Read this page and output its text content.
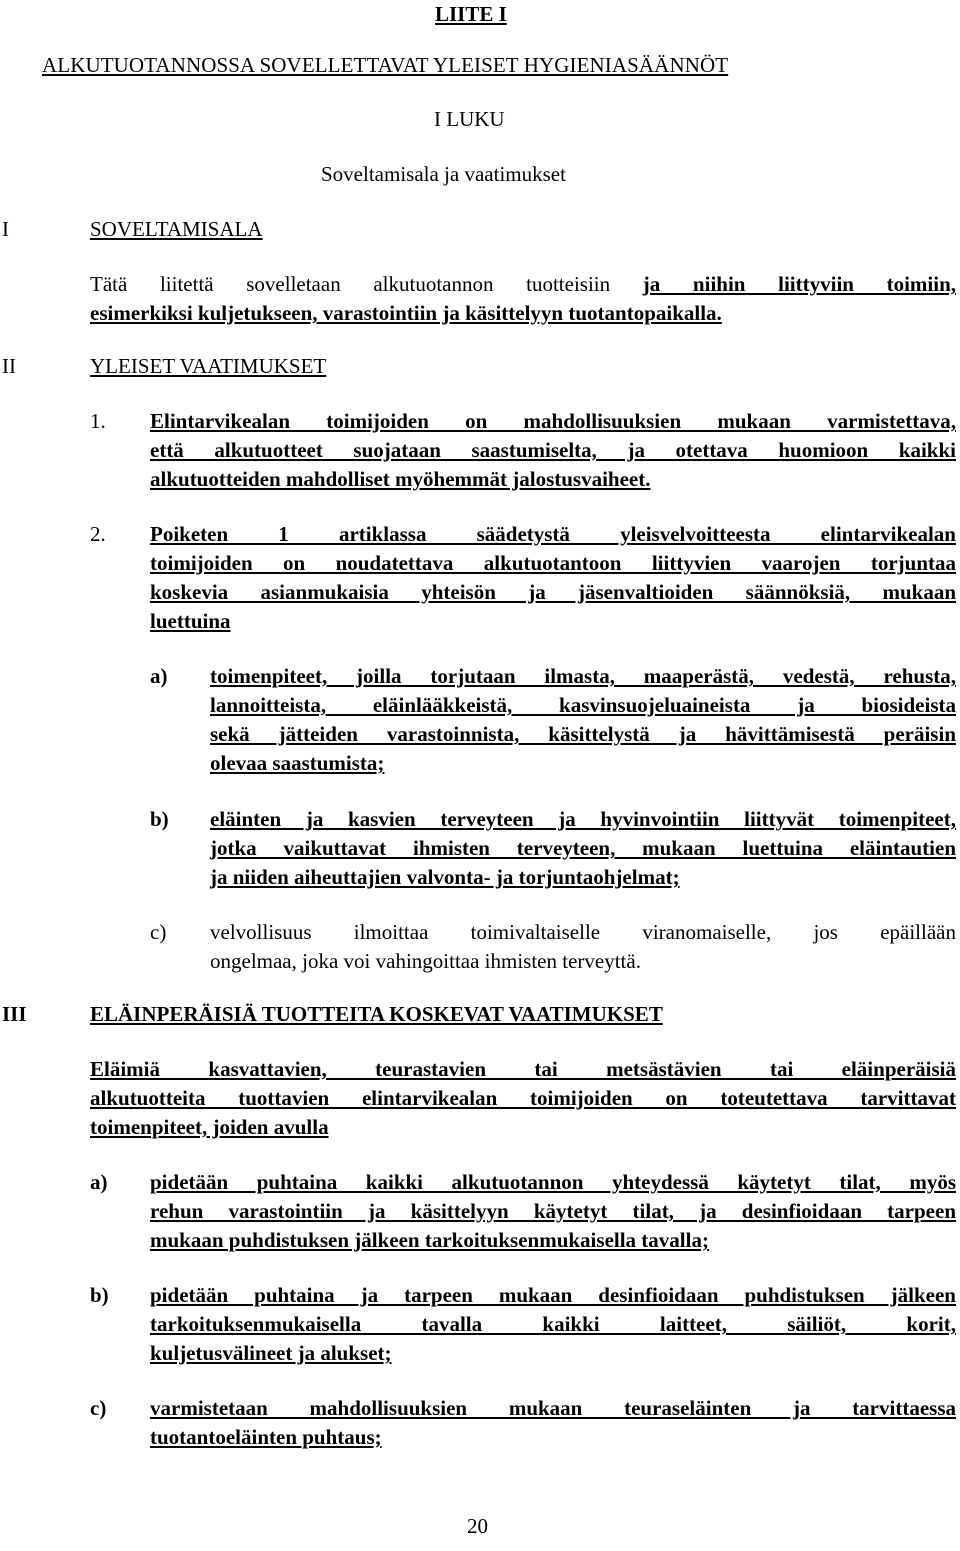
LIITE I
ALKUTUOTANNOSSA SOVELLETTAVAT YLEISET HYGIENIASÄÄNNÖT
I LUKU
Soveltamisala ja vaatimukset
I	SOVELTAMISALA
Tätä liitettä sovelletaan alkutuotannon tuotteisiin ja niihin liittyviin toimiin,
esimerkiksi kuljetukseen, varastointiin ja käsittelyyn tuotantopaikalla.
II	YLEISET VAATIMUKSET
1. Elintarvikealan toimijoiden on mahdollisuuksien mukaan varmistettava,
että alkutuotteet suojataan saastumiselta, ja otettava huomioon kaikki
alkutuotteiden mahdolliset myöhemmät jalostusvaiheet.
2. Poiketen 1 artiklassa säädetystä yleisvelvoitteesta elintarvikealan
toimijoiden on noudatettava alkutuotantoon liittyvien vaarojen torjuntaa
koskevia asianmukaisia yhteisön ja jäsenvaltioiden säännöksiä, mukaan
luettuina
a) toimenpiteet, joilla torjutaan ilmasta, maaperästä, vedestä, rehusta,
lannoitteista, eläinlääkkeistä, kasvinsuojeluaineista ja biosideista
sekä jätteiden varastoinnista, käsittelystä ja hävittämisestä peräisin
olevaa saastumista;
b) eläinten ja kasvien terveyteen ja hyvinvointiin liittyvät toimenpiteet,
jotka vaikuttavat ihmisten terveyteen, mukaan luettuina eläintautien
ja niiden aiheuttajien valvonta- ja torjuntaohjelmat;
c) velvollisuus ilmoittaa toimivaltaiselle viranomaiselle, jos epäillään
ongelmaa, joka voi vahingoittaa ihmisten terveyttä.
III	ELÄINPERÄISIÄ TUOTTEITA KOSKEVAT VAATIMUKSET
Eläimiä kasvattavien, teurastavien tai metsästävien tai eläinperäisiä
alkutuotteita tuottavien elintarvikealan toimijoiden on toteutettava tarvittavat
toimenpiteet, joiden avulla
a) pidetään puhtaina kaikki alkutuotannon yhteydessä käytetyt tilat, myös
rehun varastointiin ja käsittelyyn käytetyt tilat, ja desinfioidaan tarpeen
mukaan puhdistuksen jälkeen tarkoituksenmukaisella tavalla;
b) pidetään puhtaina ja tarpeen mukaan desinfioidaan puhdistuksen jälkeen
tarkoituksenmukaisella tavalla kaikki laitteet, säiliöt, korit,
kuljetusvälineet ja alukset;
c) varmistetaan mahdollisuuksien mukaan teuraseläinten ja tarvittaessa
tuotantoeläinten puhtaus;
20
